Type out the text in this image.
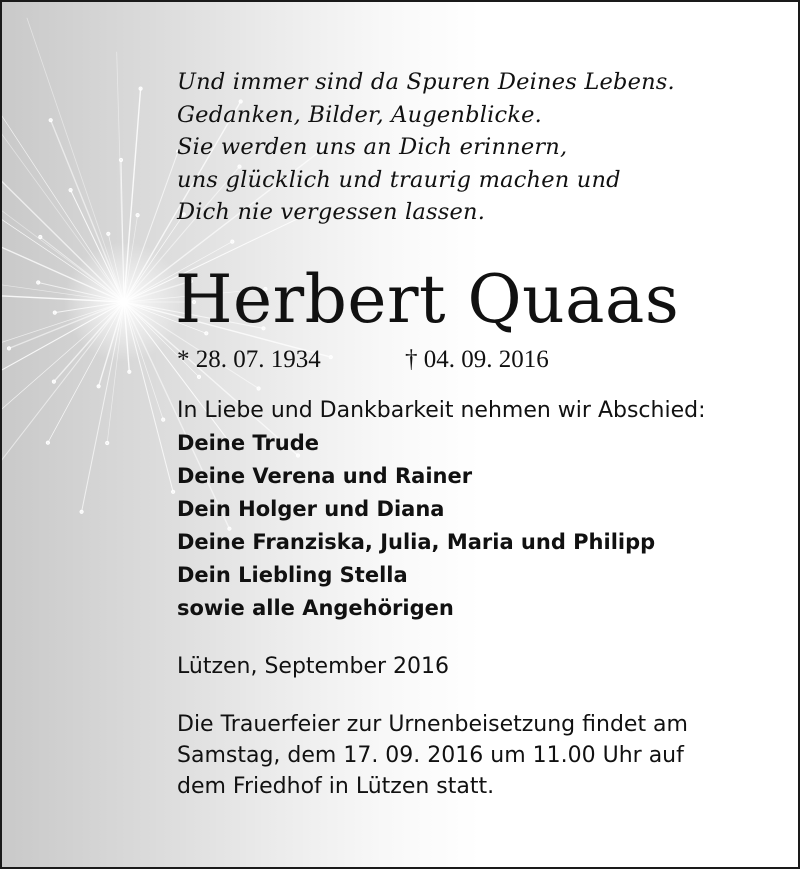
Und immer sind da Spuren Deines Lebens.
Gedanken, Bilder, Augenblicke.
Sie werden uns an Dich erinnern,
uns glücklich und traurig machen und
Dich nie vergessen lassen.
Herbert Quaas
* 28. 07. 1934	† 04. 09. 2016
In Liebe und Dankbarkeit nehmen wir Abschied:
Deine Trude
Deine Verena und Rainer
Dein Holger und Diana
Deine Franziska, Julia, Maria und Philipp
Dein Liebling Stella
sowie alle Angehörigen
Lützen, September 2016
Die Trauerfeier zur Urnenbeisetzung findet am
Samstag, dem 17. 09. 2016 um 11.00 Uhr auf
dem Friedhof in Lützen statt.
